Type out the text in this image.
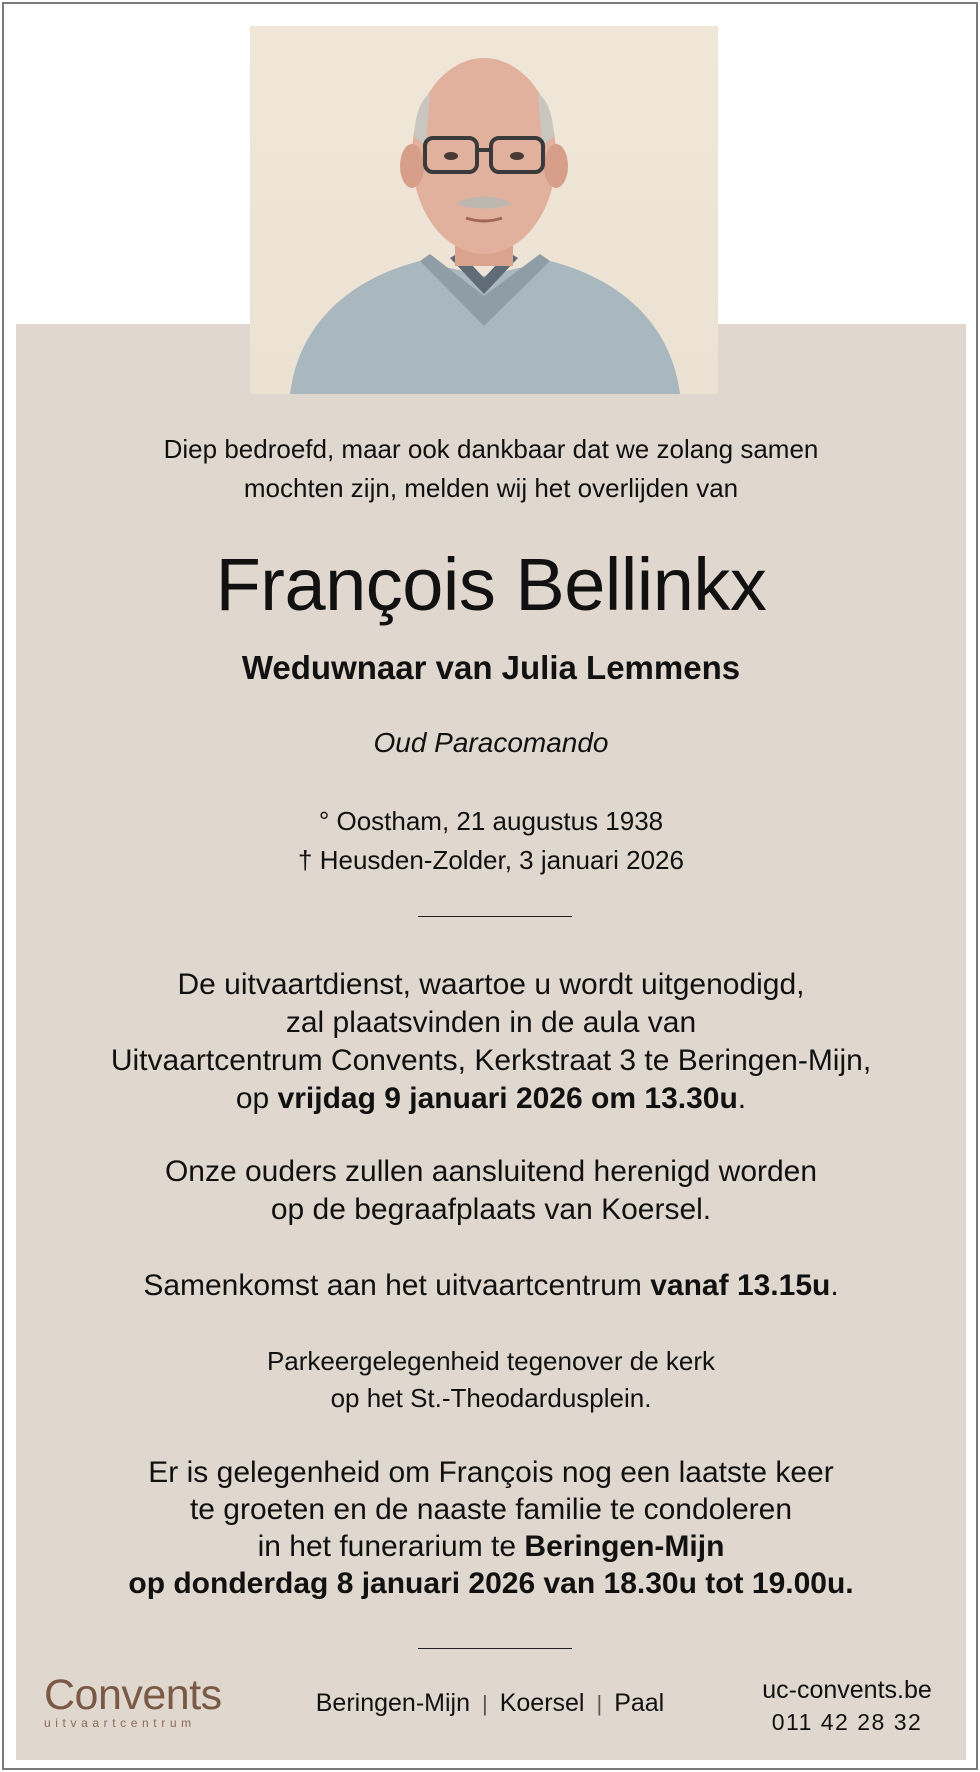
Diep bedroefd, maar ook dankbaar dat we zolang samen
mochten zijn, melden wij het overlijden van
François Bellinkx
Weduwnaar van Julia Lemmens
Oud Paracomando
° Oostham, 21 augustus 1938
† Heusden-Zolder, 3 januari 2026
De uitvaartdienst, waartoe u wordt uitgenodigd,
zal plaatsvinden in de aula van
Uitvaartcentrum Convents, Kerkstraat 3 te Beringen-Mijn,
op vrijdag 9 januari 2026 om 13.30u.
Onze ouders zullen aansluitend herenigd worden
op de begraafplaats van Koersel.
Samenkomst aan het uitvaartcentrum vanaf 13.15u.
Parkeergelegenheid tegenover de kerk
op het St.-Theodardusplein.
Er is gelegenheid om François nog een laatste keer
te groeten en de naaste familie te condoleren
in het funerarium te Beringen-Mijn
op donderdag 8 januari 2026 van 18.30u tot 19.00u.
Convents
uitvaartcentrum
Beringen-Mijn | Koersel | Paal	uc-convents.be
011 42 28 32
